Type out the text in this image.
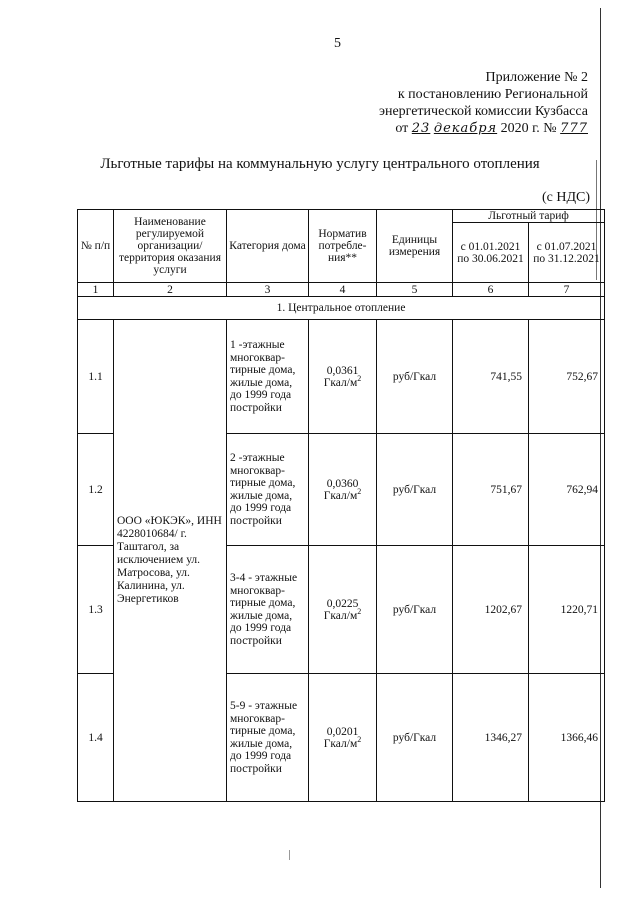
5
Приложение № 2
к постановлению Региональной
энергетической комиссии Кузбасса
от 23 декабря 2020 г. № 777
Льготные тарифы на коммунальную услугу центрального отопления
(с НДС)
№ п/п	Наименование регулируемой организации/ территория оказания услуги	Категория дома	Норматив потребле-ния**	Единицы измерения	Льготный тариф	
					с 01.01.2021 по 30.06.2021	с 01.07.2021 по 31.12.2021
1	2	3	4	5	6	7
1. Центральное отопление						
1.1	ООО «ЮКЭК», ИНН 4228010684/ г. Таштагол, за исключением ул. Матросова, ул. Калинина, ул. Энергетиков	1 -этажные многоквар-тирные дома, жилые дома, до 1999 года постройки	0,0361
Гкал/$м^2$	руб/Гкал	741,55	752,67
1.2		2 -этажные многоквар-тирные дома, жилые дома, до 1999 года постройки	0,0360
Гкал/$м^2$	руб/Гкал	751,67	762,94
1.3		3-4 - этажные многоквар-тирные дома, жилые дома, до 1999 года постройки	0,0225
Гкал/$м^2$	руб/Гкал	1202,67	1220,71
1.4		5-9 - этажные многоквар-тирные дома, жилые дома, до 1999 года постройки	0,0201
Гкал/$м^2$	руб/Гкал	1346,27	1366,46
